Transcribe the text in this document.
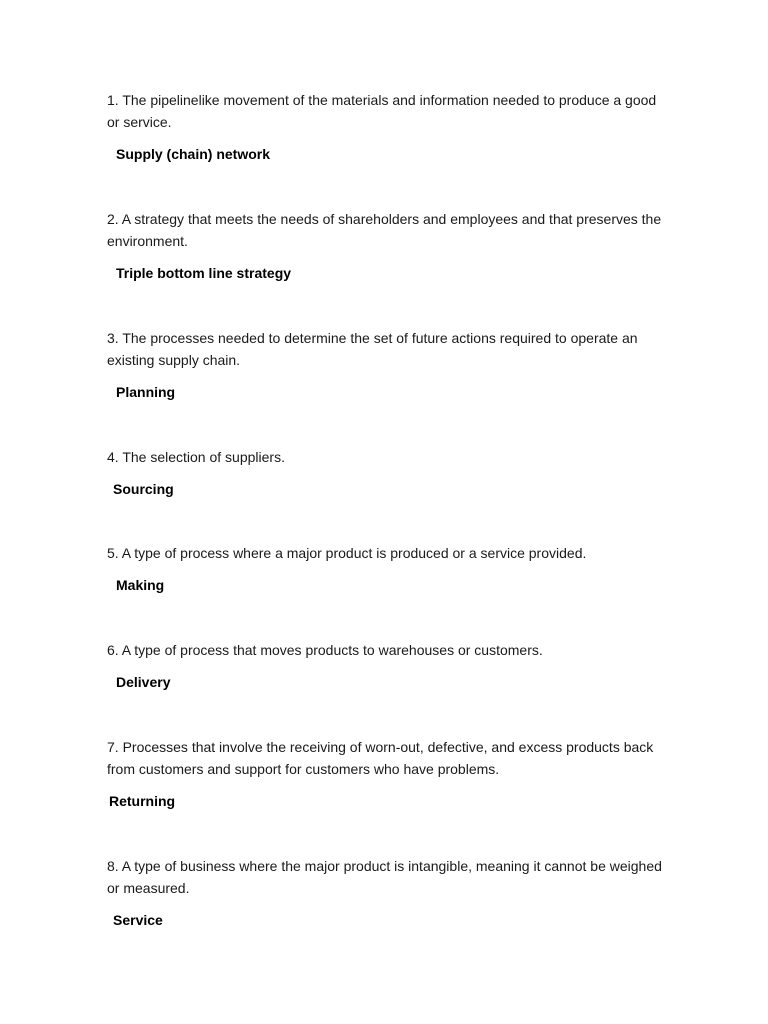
1. The pipelinelike movement of the materials and information needed to produce a good or service.

Supply (chain) network

2. A strategy that meets the needs of shareholders and employees and that preserves the environment.

Triple bottom line strategy

3. The processes needed to determine the set of future actions required to operate an existing supply chain.

Planning

4. The selection of suppliers.

Sourcing

5. A type of process where a major product is produced or a service provided.

Making

6. A type of process that moves products to warehouses or customers.

Delivery

7. Processes that involve the receiving of worn-out, defective, and excess products back from customers and support for customers who have problems.

Returning

8. A type of business where the major product is intangible, meaning it cannot be weighed or measured.

Service
